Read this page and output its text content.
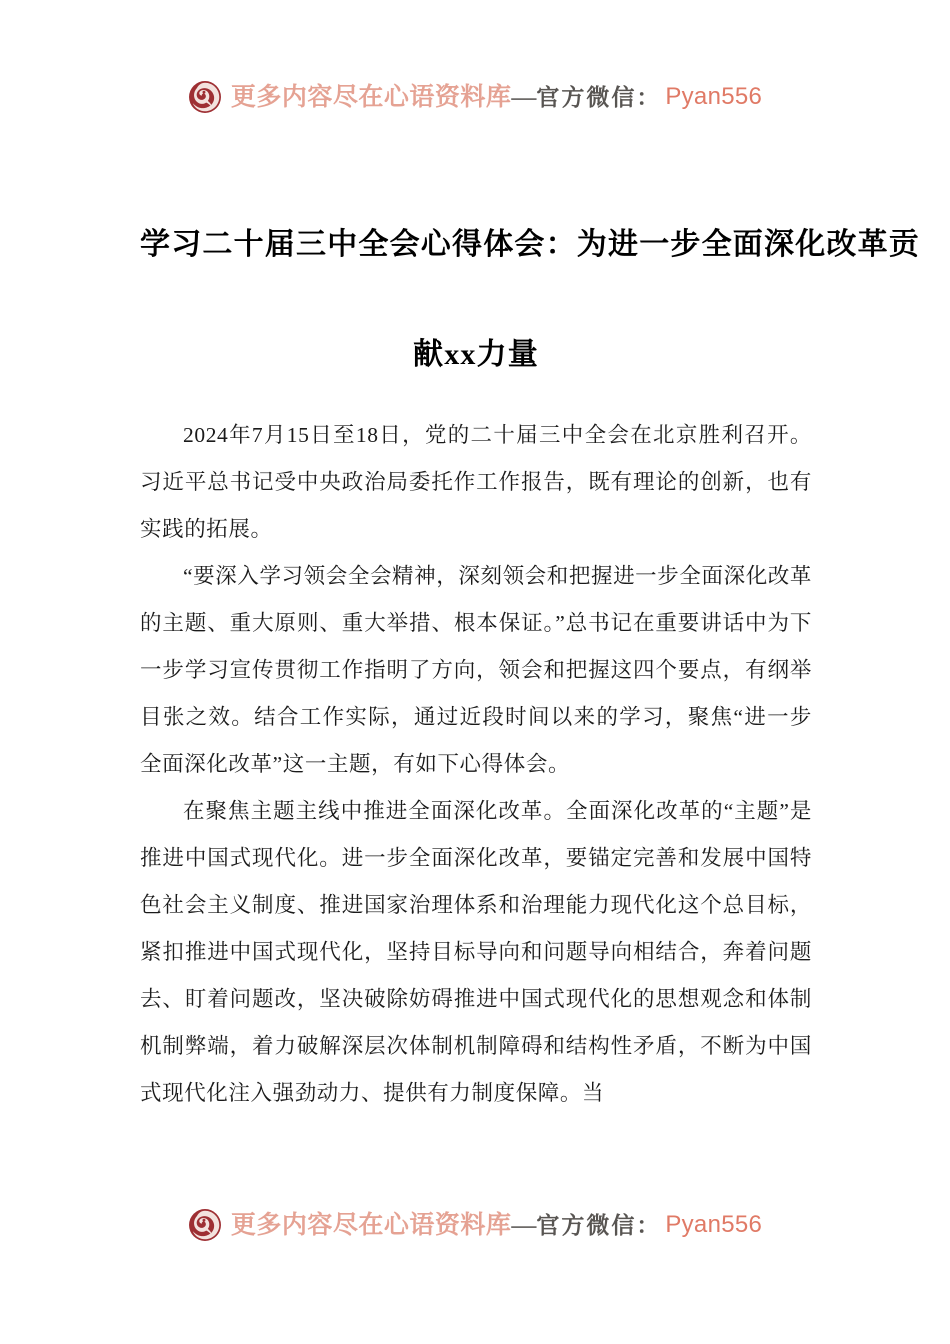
更多内容尽在心语资料库 — 官方微信： Pyan556
学习二十届三中全会心得体会：为进一步全面深化改革贡
献xx力量

2024年7月15日至18日，党的二十届三中全会在北京胜利召开。习近平总书记受中央政治局委托作工作报告，既有理论的创新，也有实践的拓展。

“要深入学习领会全会精神，深刻领会和把握进一步全面深化改革的主题、重大原则、重大举措、根本保证。”总书记在重要讲话中为下一步学习宣传贯彻工作指明了方向，领会和把握这四个要点，有纲举目张之效。结合工作实际，通过近段时间以来的学习，聚焦“进一步全面深化改革”这一主题，有如下心得体会。

在聚焦主题主线中推进全面深化改革。全面深化改革的“主题”是推进中国式现代化。进一步全面深化改革，要锚定完善和发展中国特色社会主义制度、推进国家治理体系和治理能力现代化这个总目标，紧扣推进中国式现代化，坚持目标导向和问题导向相结合，奔着问题去、盯着问题改，坚决破除妨碍推进中国式现代化的思想观念和体制机制弊端，着力破解深层次体制机制障碍和结构性矛盾，不断为中国式现代化注入强劲动力、提供有力制度保障。当

更多内容尽在心语资料库 — 官方微信： Pyan556
